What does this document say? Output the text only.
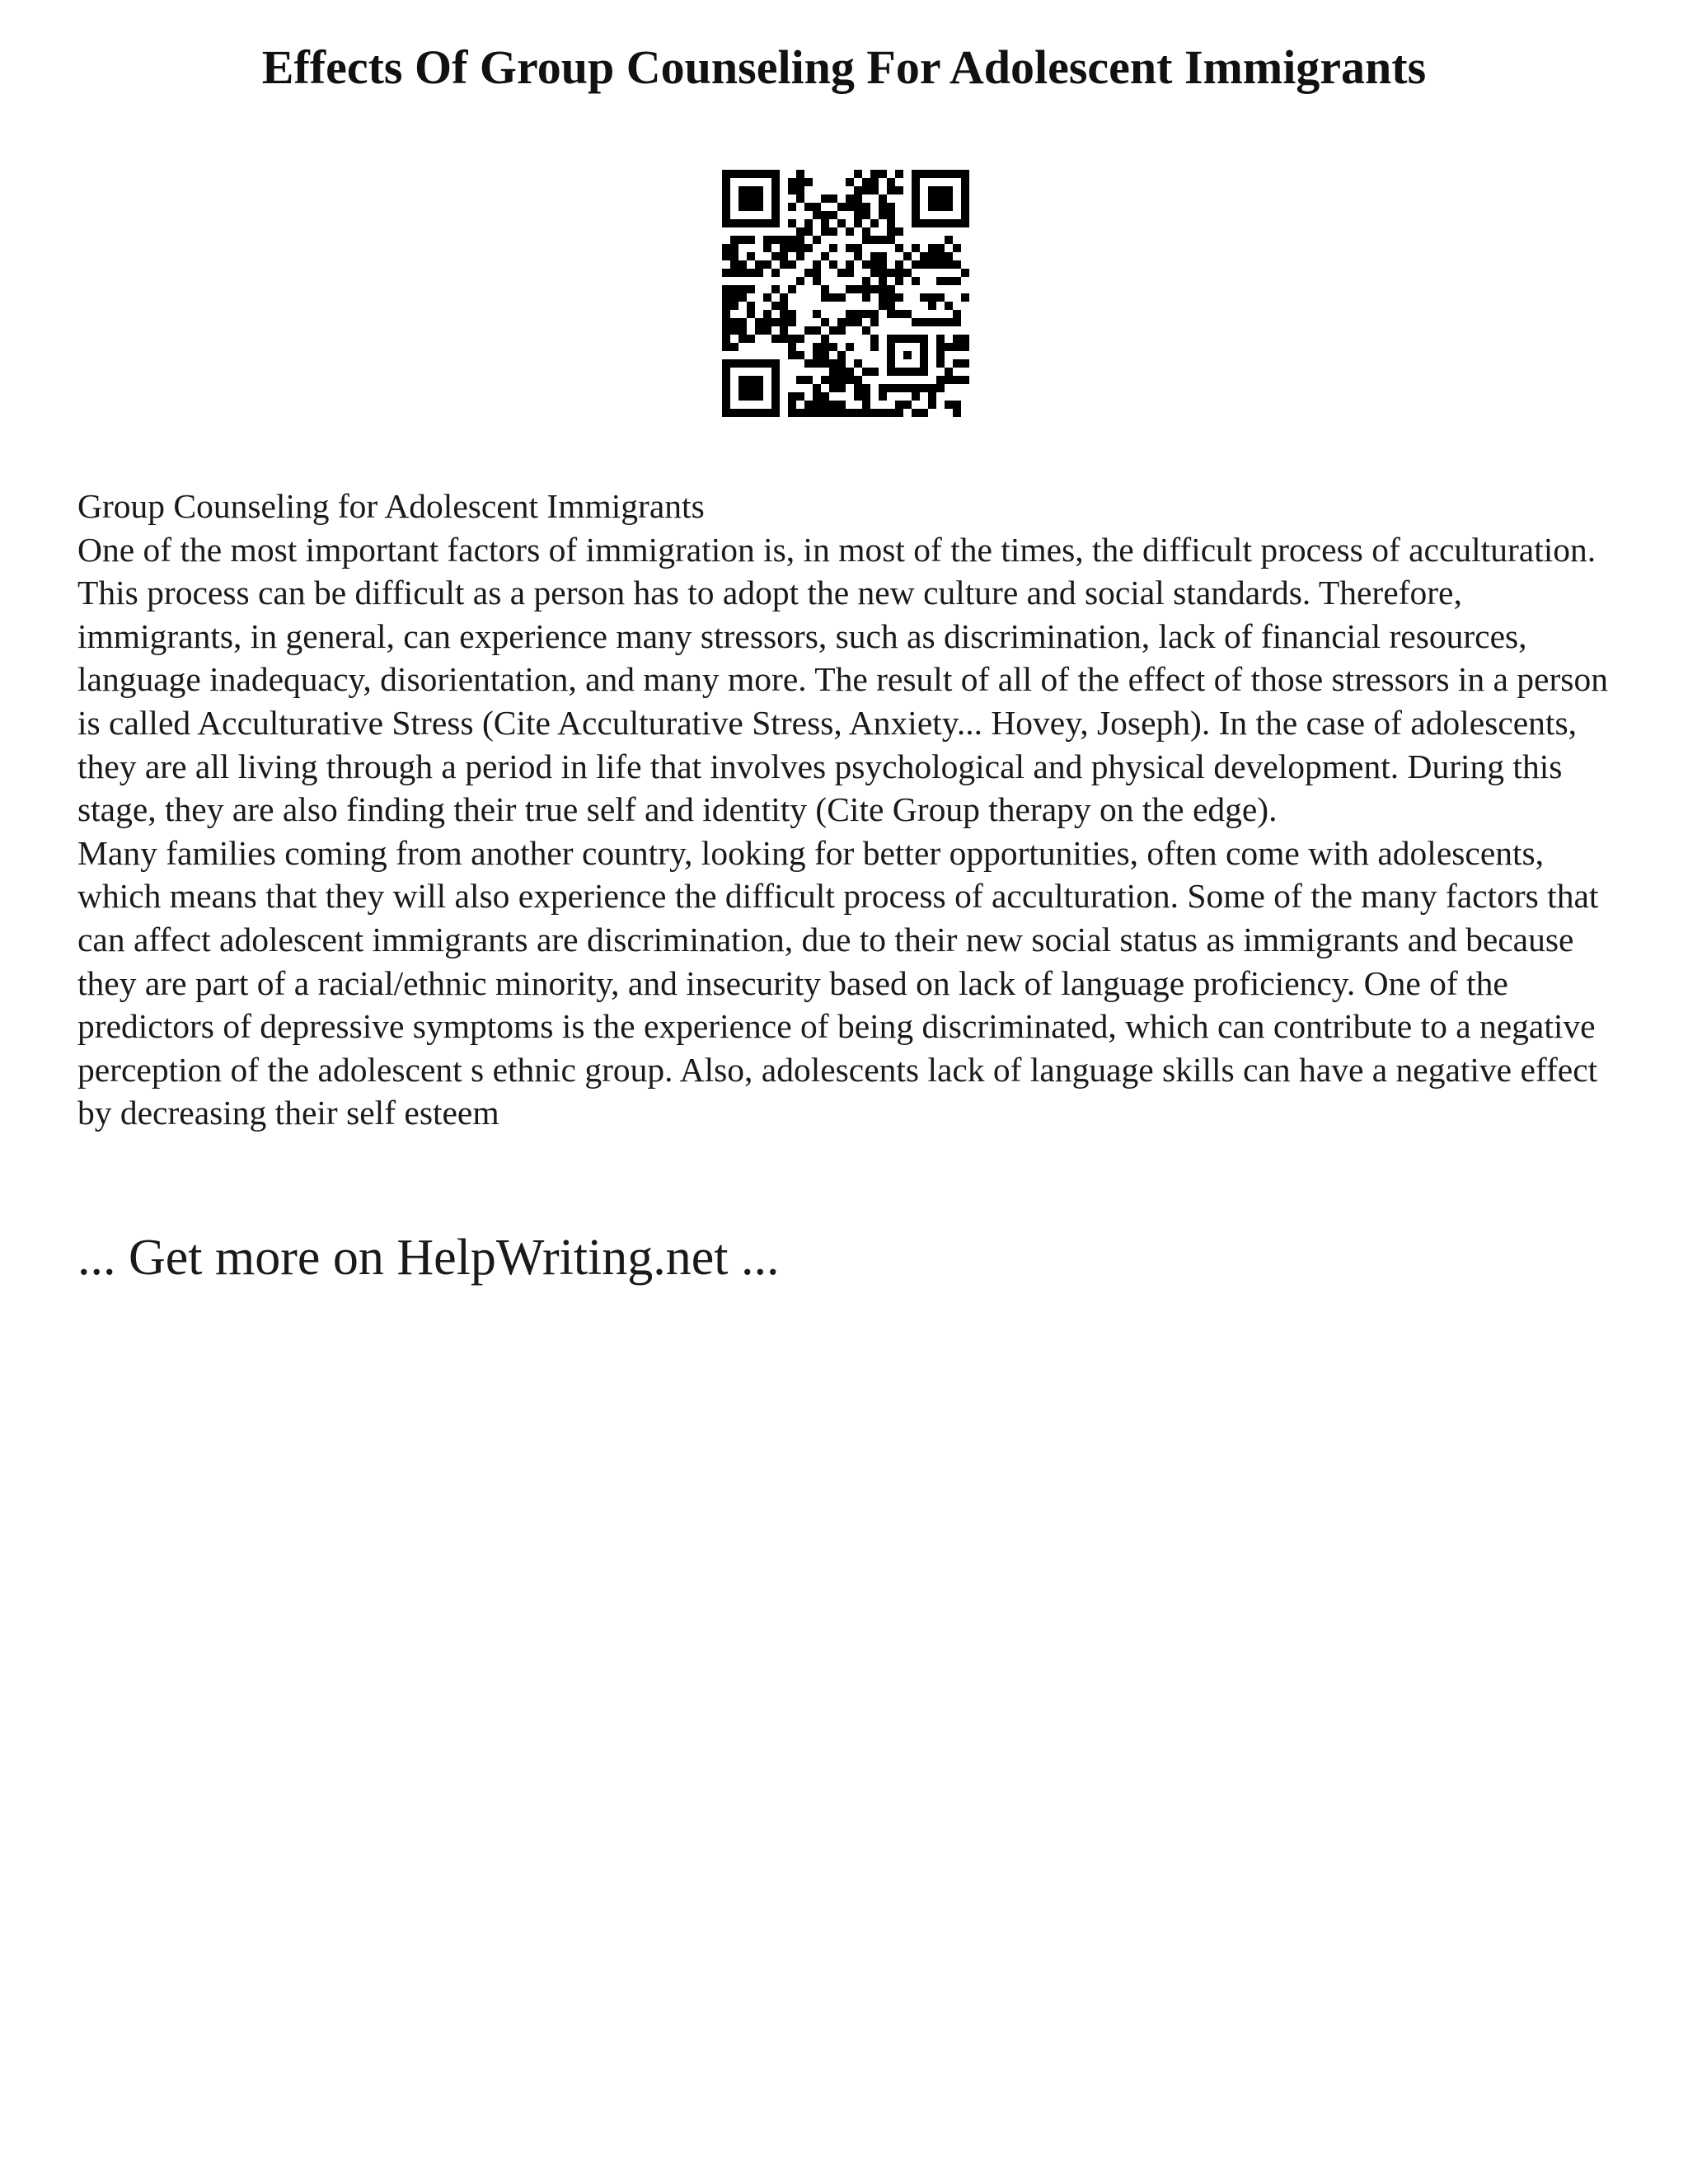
Effects Of Group Counseling For Adolescent Immigrants

Group Counseling for Adolescent Immigrants

One of the most important factors of immigration is, in most of the times, the difficult process of acculturation. This process can be difficult as a person has to adopt the new culture and social standards. Therefore, immigrants, in general, can experience many stressors, such as discrimination, lack of financial resources, language inadequacy, disorientation, and many more. The result of all of the effect of those stressors in a person is called Acculturative Stress (Cite Acculturative Stress, Anxiety... Hovey, Joseph). In the case of adolescents, they are all living through a period in life that involves psychological and physical development. During this stage, they are also finding their true self and identity (Cite Group therapy on the edge).

Many families coming from another country, looking for better opportunities, often come with adolescents, which means that they will also experience the difficult process of acculturation. Some of the many factors that can affect adolescent immigrants are discrimination, due to their new social status as immigrants and because they are part of a racial/ethnic minority, and insecurity based on lack of language proficiency. One of the predictors of depressive symptoms is the experience of being discriminated, which can contribute to a negative perception of the adolescent s ethnic group. Also, adolescents lack of language skills can have a negative effect by decreasing their self esteem

... Get more on HelpWriting.net ...
